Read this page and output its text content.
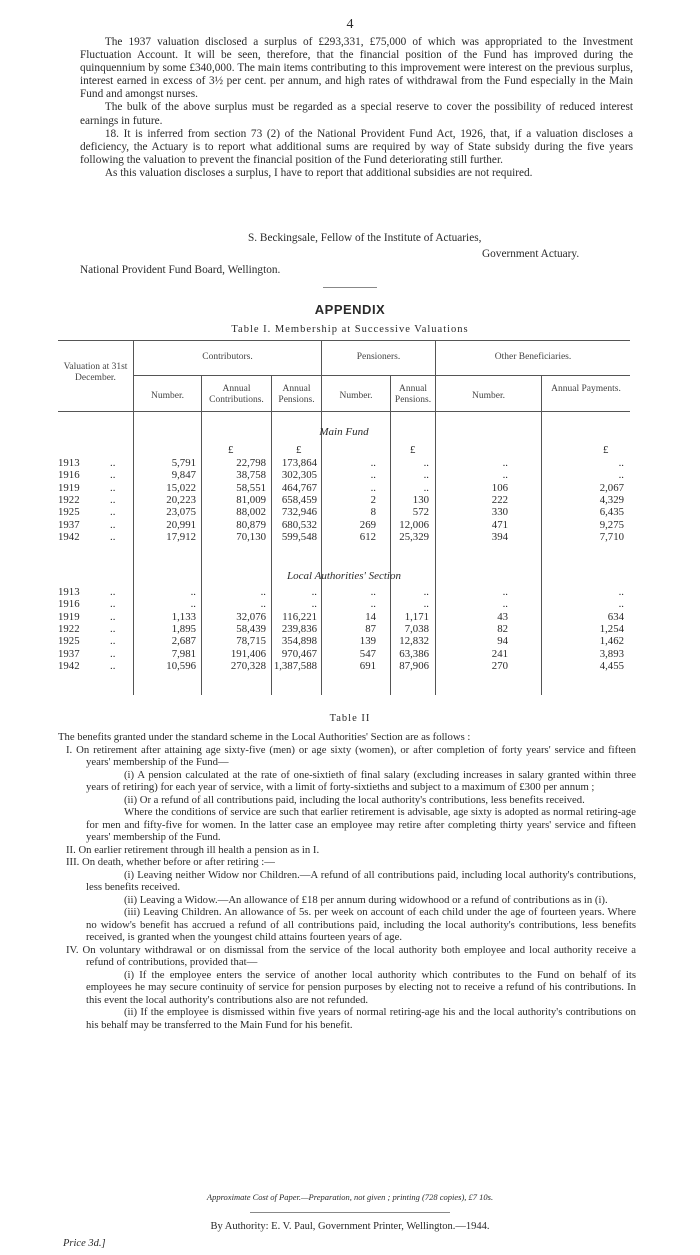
4

The 1937 valuation disclosed a surplus of £293,331, £75,000 of which was appropriated to the Investment Fluctuation Account. It will be seen, therefore, that the financial position of the Fund has improved during the quinquennium by some £340,000. The main items contributing to this improvement were interest on the previous surplus, interest earned in excess of 3½ per cent. per annum, and high rates of withdrawal from the Fund especially in the Main Fund and amongst nurses.

The bulk of the above surplus must be regarded as a special reserve to cover the possibility of reduced interest earnings in future.

18. It is inferred from section 73 (2) of the National Provident Fund Act, 1926, that, if a valuation discloses a deficiency, the Actuary is to report what additional sums are required by way of State subsidy during the five years following the valuation to prevent the financial position of the Fund deteriorating still further.

As this valuation discloses a surplus, I have to report that additional subsidies are not required.

S. Beckingsale, Fellow of the Institute of Actuaries,
Government Actuary.
National Provident Fund Board, Wellington.
APPENDIX
Table I. Membership at Successive Valuations
Valuation at 31st December.
Contributors.	Pensioners.	Other Beneficiaries.
Number.
Annual Contributions.
Annual Pensions.	Number.
Annual Pensions.	Number.
Annual Payments.
Main Fund
£	£	£	£
1913	..	5,791	22,798 173,864	..	..	..	..
1916	..	9,847	38,758 302,305	..	..	..	..
1919	..	15,022	58,551 464,767	..	..	106	2,067
1922	..	20,223	81,009 658,459	2	130	222	4,329
1925	..	23,075	88,002 732,946	8	572	330	6,435
1937	..	20,991	80,879 680,532	269 12,006	471	9,275
1942	..	17,912	70,130 599,548	612 25,329	394	7,710
Local Authorities' Section
1913	..	..	..	..	..	..	..	..
1916	..	..	..	..	..	..	..	..
1919	..	1,133	32,076 116,221	14	1,171	43	634
1922	..	1,895	58,439 239,836	87	7,038	82	1,254
1925	..	2,687	78,715 354,898	139 12,832	94	1,462
1937	..	7,981	191,406 970,467	547 63,386	241	3,893
1942	..	10,596	270,328 1,387,588	691 87,906	270	4,455
Table II

The benefits granted under the standard scheme in the Local Authorities' Section are as follows :

I. On retirement after attaining age sixty-five (men) or age sixty (women), or after completion of forty years' service and fifteen years' membership of the Fund—

(i) A pension calculated at the rate of one-sixtieth of final salary (excluding increases in salary granted within three years of retiring) for each year of service, with a limit of forty-sixtieths and subject to a maximum of £300 per annum ;

(ii) Or a refund of all contributions paid, including the local authority's contributions, less benefits received.

Where the conditions of service are such that earlier retirement is advisable, age sixty is adopted as normal retiring-age for men and fifty-five for women. In the latter case an employee may retire after completing thirty years' service and fifteen years' membership of the Fund.

II. On earlier retirement through ill health a pension as in I.

III. On death, whether before or after retiring :—

(i) Leaving neither Widow nor Children.—A refund of all contributions paid, including local authority's contributions, less benefits received.

(ii) Leaving a Widow.—An allowance of £18 per annum during widowhood or a refund of contributions as in (i).

(iii) Leaving Children. An allowance of 5s. per week on account of each child under the age of fourteen years. Where no widow's benefit has accrued a refund of all contributions paid, including the local authority's contributions, less benefits received, is granted when the youngest child attains fourteen years of age.

IV. On voluntary withdrawal or on dismissal from the service of the local authority both employee and local authority receive a refund of contributions, provided that—

(i) If the employee enters the service of another local authority which contributes to the Fund on behalf of its employees he may secure continuity of service for pension purposes by electing not to receive a refund of his contributions. In this event the local authority's contributions also are not refunded.

(ii) If the employee is dismissed within five years of normal retiring-age his and the local authority's contributions on his behalf may be transferred to the Main Fund for his benefit.

Approximate Cost of Paper.—Preparation, not given ; printing (728 copies), £7 10s.
By Authority: E. V. Paul, Government Printer, Wellington.—1944.
Price 3d.]
